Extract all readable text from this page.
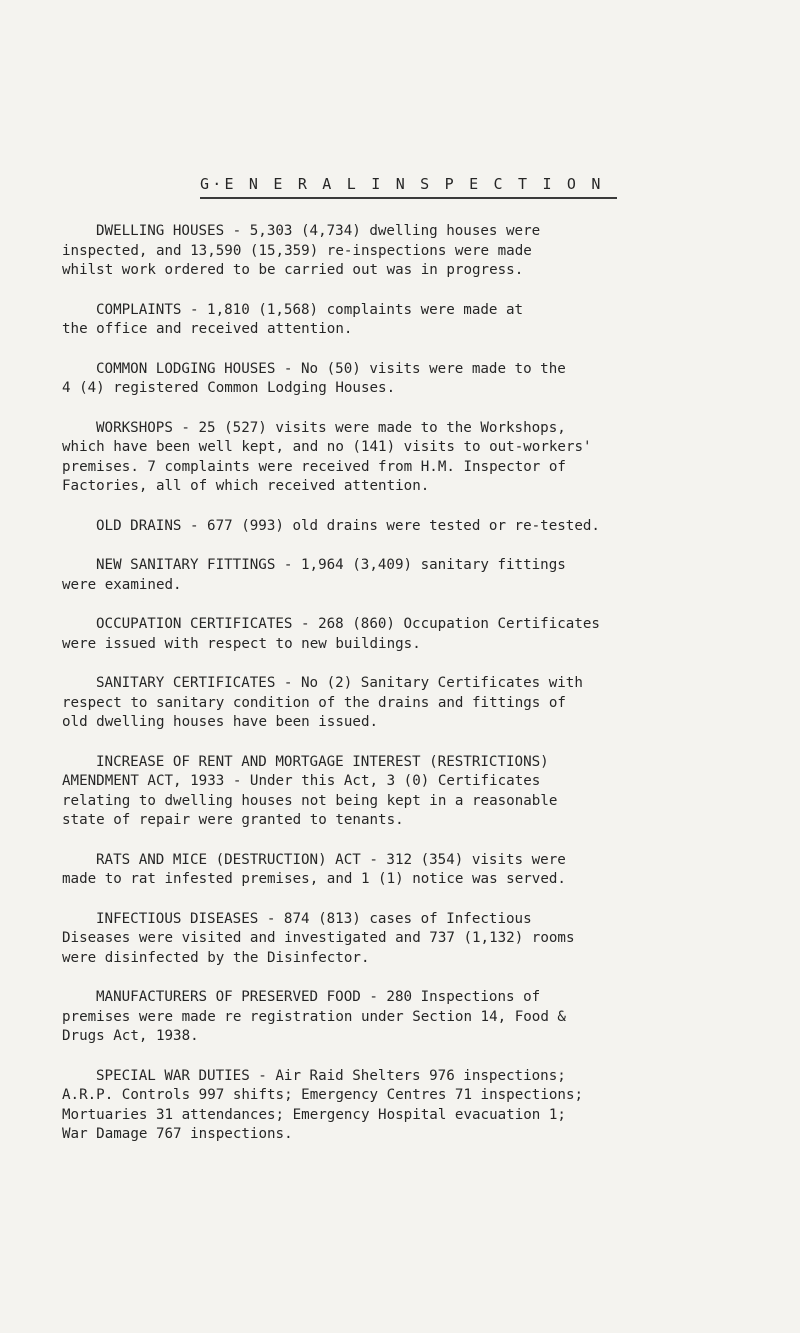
G·E N E R A L I N S P E C T I O N

DWELLING HOUSES - 5,303 (4,734) dwelling houses were
inspected, and 13,590 (15,359) re-inspections were made
whilst work ordered to be carried out was in progress.

COMPLAINTS - 1,810 (1,568) complaints were made at
the office and received attention.

COMMON LODGING HOUSES - No (50) visits were made to the
4 (4) registered Common Lodging Houses.

WORKSHOPS - 25 (527) visits were made to the Workshops,
which have been well kept, and no (141) visits to out-workers'
premises. 7 complaints were received from H.M. Inspector of
Factories, all of which received attention.

OLD DRAINS - 677 (993) old drains were tested or re-tested.

NEW SANITARY FITTINGS - 1,964 (3,409) sanitary fittings
were examined.

OCCUPATION CERTIFICATES - 268 (860) Occupation Certificates
were issued with respect to new buildings.

SANITARY CERTIFICATES - No (2) Sanitary Certificates with
respect to sanitary condition of the drains and fittings of
old dwelling houses have been issued.

INCREASE OF RENT AND MORTGAGE INTEREST (RESTRICTIONS)
AMENDMENT ACT, 1933 - Under this Act, 3 (0) Certificates
relating to dwelling houses not being kept in a reasonable
state of repair were granted to tenants.

RATS AND MICE (DESTRUCTION) ACT - 312 (354) visits were
made to rat infested premises, and 1 (1) notice was served.

INFECTIOUS DISEASES - 874 (813) cases of Infectious
Diseases were visited and investigated and 737 (1,132) rooms
were disinfected by the Disinfector.

MANUFACTURERS OF PRESERVED FOOD - 280 Inspections of
premises were made re registration under Section 14, Food &
Drugs Act, 1938.

SPECIAL WAR DUTIES - Air Raid Shelters 976 inspections;
A.R.P. Controls 997 shifts; Emergency Centres 71 inspections;
Mortuaries 31 attendances; Emergency Hospital evacuation 1;
War Damage 767 inspections.
